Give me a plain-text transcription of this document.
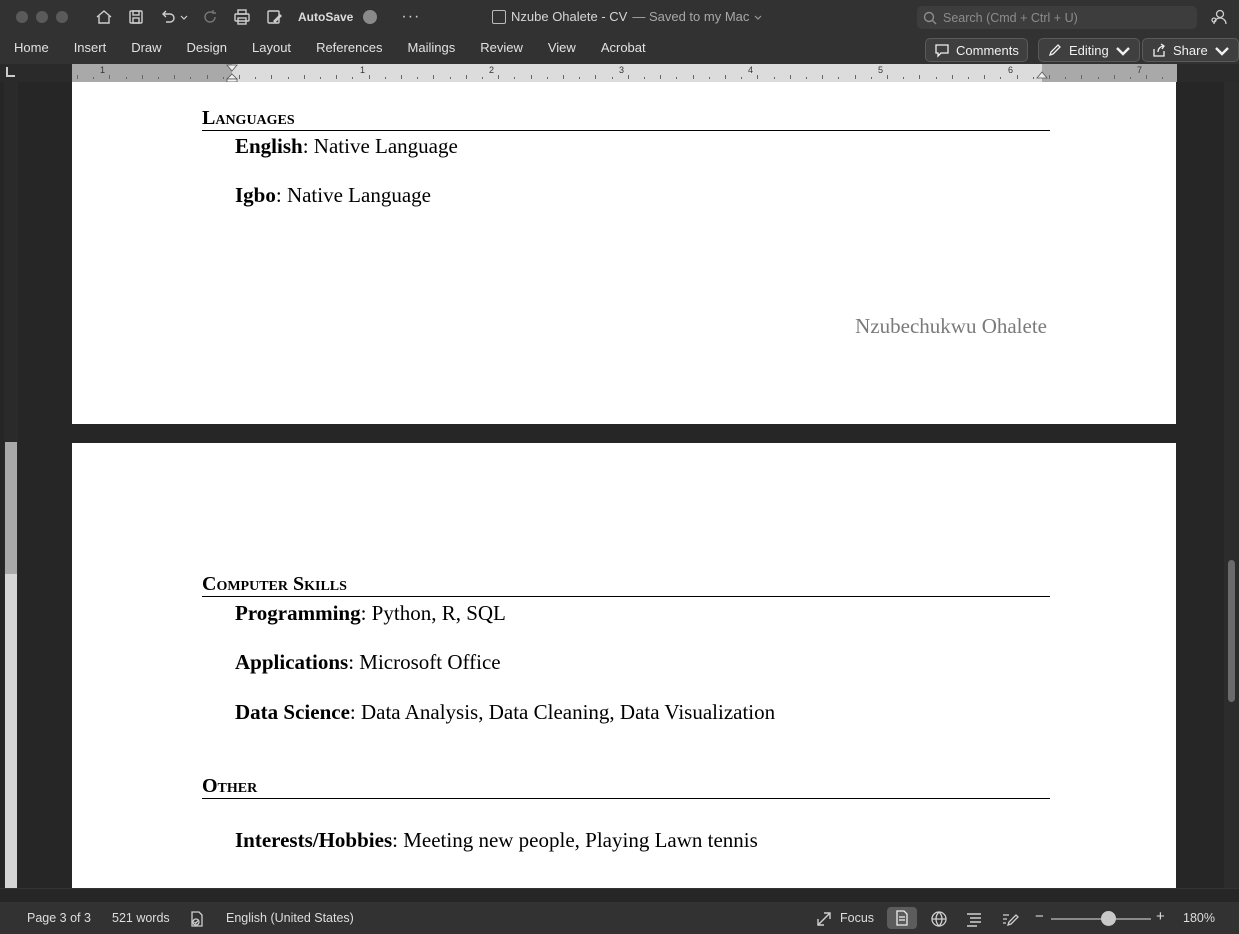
AutoSave	···	Nzube Ohalete - CV — Saved to my Mac	Search (Cmd + Ctrl + U)
Home	Insert	Draw	Design	Layout	References	Mailings	Review	View	Acrobat	Comments	Editing	Share
1	1	2	3	4	5	6	7
Languages
English: Native Language
Igbo: Native Language
Nzubechukwu Ohalete
Computer Skills
Programming: Python, R, SQL
Applications: Microsoft Office
Data Science: Data Analysis, Data Cleaning, Data Visualization
Other
Interests/Hobbies: Meeting new people, Playing Lawn tennis
Page 3 of 3 521 words	English (United States)	Focus	−	+ 180%
